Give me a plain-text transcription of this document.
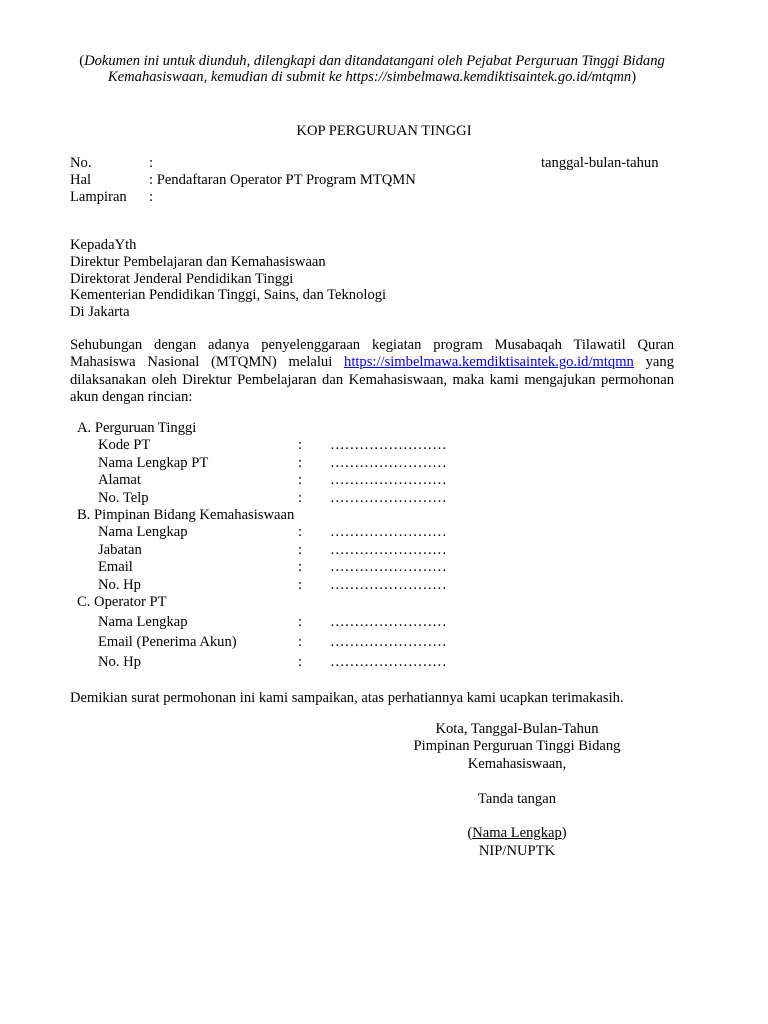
(Dokumen ini untuk diunduh, dilengkapi dan ditandatangani oleh Pejabat Perguruan Tinggi Bidang Kemahasiswaan, kemudian di submit ke https://simbelmawa.kemdiktisaintek.go.id/mtqmn)
KOP PERGURUAN TINGGI
No.	:
Hal	: Pendaftaran Operator PT Program MTQMN
Lampiran :
tanggal-bulan-tahun
KepadaYth
Direktur Pembelajaran dan Kemahasiswaan
Direktorat Jenderal Pendidikan Tinggi
Kementerian Pendidikan Tinggi, Sains, dan Teknologi
Di Jakarta
Sehubungan dengan adanya penyelenggaraan kegiatan program Musabaqah Tilawatil Quran Mahasiswa Nasional (MTQMN) melalui https://simbelmawa.kemdiktisaintek.go.id/mtqmn yang dilaksanakan oleh Direktur Pembelajaran dan Kemahasiswaan, maka kami mengajukan permohonan akun dengan rincian:
A. Perguruan Tinggi
Kode PT	: ……………………
Nama Lengkap PT	: ……………………
Alamat	: ……………………
No. Telp	: ……………………
B. Pimpinan Bidang Kemahasiswaan
Nama Lengkap	: ……………………
Jabatan	: ……………………
Email	: ……………………
No. Hp	: ……………………
C. Operator PT
Nama Lengkap	: ……………………
Email (Penerima Akun)	: ……………………
No. Hp	: ……………………
Demikian surat permohonan ini kami sampaikan, atas perhatiannya kami ucapkan terimakasih.
Kota, Tanggal-Bulan-Tahun
Pimpinan Perguruan Tinggi Bidang
Kemahasiswaan,
Tanda tangan
(Nama Lengkap)
NIP/NUPTK
